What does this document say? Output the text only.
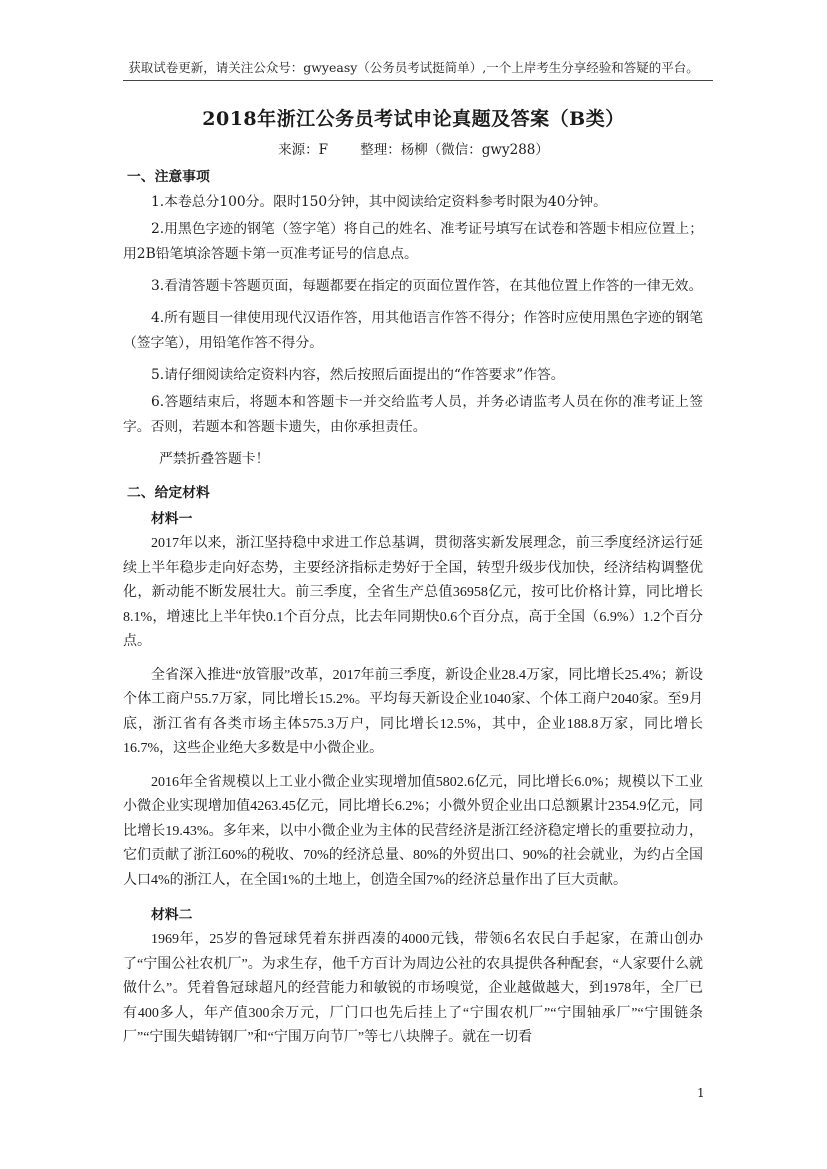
获取试卷更新，请关注公众号：gwyeasy（公务员考试挺简单）,一个上岸考生分享经验和答疑的平台。
2018年浙江公务员考试申论真题及答案（B类）
来源：F 整理：杨柳（微信：gwy288）
一、注意事项

1.本卷总分100分。限时150分钟，其中阅读给定资料参考时限为40分钟。

2.用黑色字迹的钢笔（签字笔）将自己的姓名、准考证号填写在试卷和答题卡相应位置上；用2B铅笔填涂答题卡第一页准考证号的信息点。

3.看清答题卡答题页面，每题都要在指定的页面位置作答，在其他位置上作答的一律无效。

4.所有题目一律使用现代汉语作答，用其他语言作答不得分；作答时应使用黑色字迹的钢笔（签字笔），用铅笔作答不得分。

5.请仔细阅读给定资料内容，然后按照后面提出的“作答要求”作答。

6.答题结束后，将题本和答题卡一并交给监考人员，并务必请监考人员在你的准考证上签字。否则，若题本和答题卡遗失，由你承担责任。

严禁折叠答题卡！

二、给定材料
材料一

2017年以来，浙江坚持稳中求进工作总基调，贯彻落实新发展理念，前三季度经济运行延续上半年稳步走向好态势，主要经济指标走势好于全国，转型升级步伐加快，经济结构调整优化，新动能不断发展壮大。前三季度，全省生产总值36958亿元，按可比价格计算，同比增长8.1%，增速比上半年快0.1个百分点，比去年同期快0.6个百分点，高于全国（6.9%）1.2个百分点。

全省深入推进“放管服”改革，2017年前三季度，新设企业28.4万家，同比增长25.4%；新设个体工商户55.7万家，同比增长15.2%。平均每天新设企业1040家、个体工商户2040家。至9月底，浙江省有各类市场主体575.3万户，同比增长12.5%，其中，企业188.8万家，同比增长16.7%，这些企业绝大多数是中小微企业。

2016年全省规模以上工业小微企业实现增加值5802.6亿元，同比增长6.0%；规模以下工业小微企业实现增加值4263.45亿元，同比增长6.2%；小微外贸企业出口总额累计2354.9亿元，同比增长19.43%。多年来，以中小微企业为主体的民营经济是浙江经济稳定增长的重要拉动力，它们贡献了浙江60%的税收、70%的经济总量、80%的外贸出口、90%的社会就业，为约占全国人口4%的浙江人，在全国1%的土地上，创造全国7%的经济总量作出了巨大贡献。

材料二

1969年，25岁的鲁冠球凭着东拼西凑的4000元钱，带领6名农民白手起家，在萧山创办了“宁围公社农机厂”。为求生存，他千方百计为周边公社的农具提供各种配套，“人家要什么就做什么”。凭着鲁冠球超凡的经营能力和敏锐的市场嗅觉，企业越做越大，到1978年，全厂已有400多人，年产值300余万元，厂门口也先后挂上了“宁围农机厂”“宁围轴承厂”“宁围链条厂”“宁围失蜡铸钢厂”和“宁围万向节厂”等七八块牌子。就在一切看

1
